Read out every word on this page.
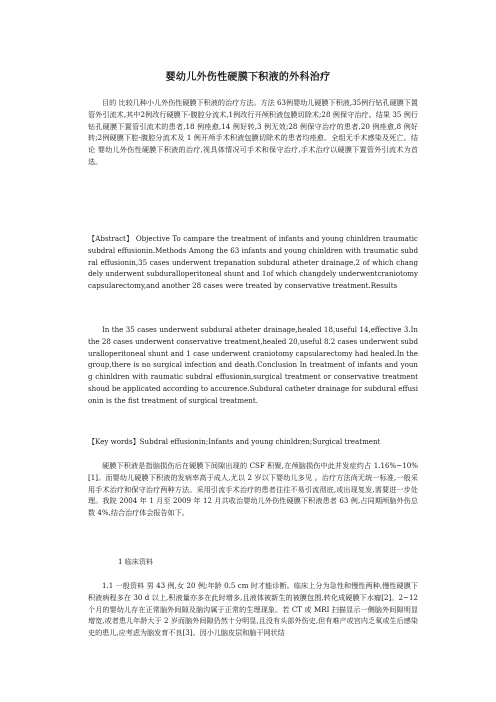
婴幼儿外伤性硬膜下积液的外科治疗

目的 比较几种小儿外伤性硬膜下积液的治疗方法。方法 63例婴幼儿硬膜下积液,35例行钻孔硬膜下置管外引流术,其中2例改行硬膜下-腹腔分流术,1例改行开颅积液包膜切除术;28 例保守治疗。结果 35 例行钻孔硬膜下置管引流术的患者,18 例痊愈,14 例好转,3 例无效;28 例保守治疗的患者,20 例痊愈,8 例好转;2例硬膜下腔-腹腔分流术及 1 例开颅手术积液包膜切除术的患者均痊愈。全组无手术感染及死亡。结论 婴幼儿外伤性硬膜下积液的治疗,视具体情况可手术和保守治疗,手术治疗以硬膜下置管外引流术为首选。

【Abstract】 Objective To campare the treatment of infants and young chinldren traumatic subdral effusionin.Methods Among the 63 infants and young chinldren with traumatic subdral effusionin,35 cases underwent trepanation subdural atheter drainage,2 of which changdely underwent subduralloperitoneal shunt and 1of which changdely underwentcraniotomy capsularectomy,and another 28 cases were treated by conservative treatment.Results

In the 35 cases underwent subdural atheter drainage,healed 18,useful 14,effective 3.In the 28 cases underwent conservative treatment,healed 20,useful 8.2 cases underwent subduralloperitoneal shunt and 1 case underwent craniotomy capsularectomy had healed.In the group,there is no surgical infection and death.Conclusion In treatment of infants and young chinldren with raumatic subdral effusionin,surgical treatment or conservative treatment shoud be applicated according to accurence.Subdural catheter drainage for subdural effusionin is the fist treatment of surgical treatment.

【Key words】Subdral effusionin;Infants and young chinldren;Surgical treatment

硬膜下积液是指脑损伤后在硬膜下间隙出现的 CSF 积聚,在颅脑损伤中此并发症约占 1.16%~10%[1]。而婴幼儿硬膜下积液的发病率高于成人,尤以 2 岁以下婴幼儿多见 。治疗方法尚无统一标准,一般采用手术治疗和保守治疗两种方法。采用引流手术治疗的患者往往不易引流彻底,或出现复发,需要进一步处理。我院 2004 年 1 月至 2009 年 12 月共收治婴幼儿外伤性硬膜下积液患者 63 例,占同期颅脑外伤总数 4%,结合治疗体会报告如下。

1 临床资料

1.1 一般资料 男 43 例,女 20 例;年龄 0.5 cm 时才能诊断。临床上分为急性和慢性两种,慢性硬膜下积液病程多在 30 d 以上,积液量亦多在此时增多,且液体被新生的被膜包围,转化成硬膜下水瘤[2]。2~12 个月的婴幼儿存在正常脑外间隙及脑沟属于正常的生理现象。若 CT 或 MRI 扫描显示一侧脑外间隙明显增宽,或者患儿年龄大于 2 岁而脑外间隙仍然十分明显,且没有头部外伤史,但有难产或宫内乏氧或生后感染史的患儿,应考虑为脑发育不良[3]。因小儿脑皮层和脑干网状结
